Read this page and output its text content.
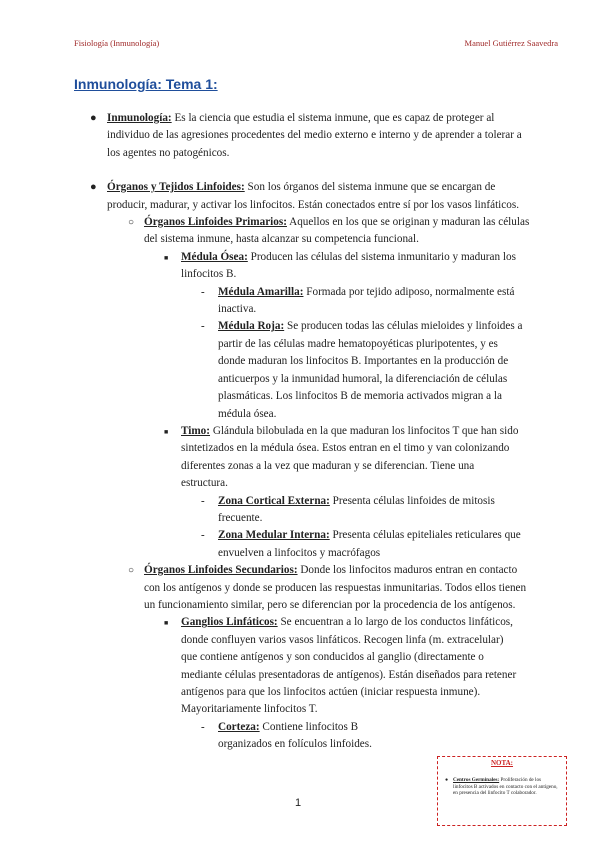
Fisiología (Inmunología)	Manuel Gutiérrez Saavedra
Inmunología: Tema 1:

● Inmunología: Es la ciencia que estudia el sistema inmune, que es capaz de proteger al individuo de las agresiones procedentes del medio externo e interno y de aprender a tolerar a los agentes no patogénicos.

● Órganos y Tejidos Linfoides: Son los órganos del sistema inmune que se encargan de producir, madurar, y activar los linfocitos. Están conectados entre sí por los vasos linfáticos.

○ Órganos Linfoides Primarios: Aquellos en los que se originan y maduran las células del sistema inmune, hasta alcanzar su competencia funcional.

■ Médula Ósea: Producen las células del sistema inmunitario y maduran los linfocitos B.

- Médula Amarilla: Formada por tejido adiposo, normalmente está inactiva.

- Médula Roja: Se producen todas las células mieloides y linfoides a partir de las células madre hematopoyéticas pluripotentes, y es donde maduran los linfocitos B. Importantes en la producción de anticuerpos y la inmunidad humoral, la diferenciación de células plasmáticas. Los linfocitos B de memoria activados migran a la médula ósea.

■ Timo: Glándula bilobulada en la que maduran los linfocitos T que han sido sintetizados en la médula ósea. Estos entran en el timo y van colonizando diferentes zonas a la vez que maduran y se diferencian. Tiene una estructura.

- Zona Cortical Externa: Presenta células linfoides de mitosis frecuente.

- Zona Medular Interna: Presenta células epiteliales reticulares que envuelven a linfocitos y macrófagos

○ Órganos Linfoides Secundarios: Donde los linfocitos maduros entran en contacto con los antígenos y donde se producen las respuestas inmunitarias. Todos ellos tienen un funcionamiento similar, pero se diferencian por la procedencia de los antígenos.

■ Ganglios Linfáticos: Se encuentran a lo largo de los conductos linfáticos, donde confluyen varios vasos linfáticos. Recogen linfa (m. extracelular) que contiene antígenos y son conducidos al ganglio (directamente o mediante células presentadoras de antígenos). Están diseñados para retener antígenos para que los linfocitos actúen (iniciar respuesta inmune). Mayoritariamente linfocitos T.

- Corteza: Contiene linfocitos B organizados en folículos linfoides.

1
NOTA:
● Centros Germinales: Proliferación de los linfocitos B activados en contacto con el antígeno, en presencia del linfocito T colaborador.
